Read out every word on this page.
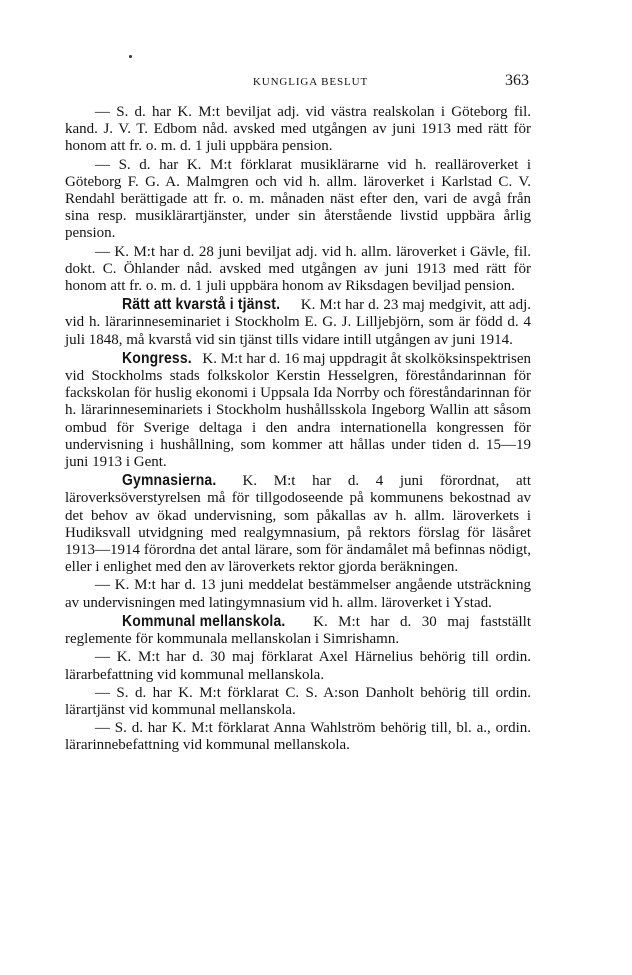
KUNGLIGA BESLUT	363

— S. d. har K. M:t beviljat adj. vid västra realskolan i Göteborg fil. kand. J. V. T. Edbom nåd. avsked med utgången av juni 1913 med rätt för honom att fr. o. m. d. 1 juli uppbära pension.

— S. d. har K. M:t förklarat musiklärarne vid h. realläroverket i Göteborg F. G. A. Malmgren och vid h. allm. läroverket i Karlstad C. V. Rendahl berättigade att fr. o. m. månaden näst efter den, vari de avgå från sina resp. musiklärartjänster, under sin återstående livstid uppbära årlig pension.

— K. M:t har d. 28 juni beviljat adj. vid h. allm. läroverket i Gävle, fil. dokt. C. Öhlander nåd. avsked med utgången av juni 1913 med rätt för honom att fr. o. m. d. 1 juli uppbära honom av Riksdagen beviljad pension.

Rätt att kvarstå i tjänst. K. M:t har d. 23 maj medgivit, att adj. vid h. lärarinneseminariet i Stockholm E. G. J. Lilljebjörn, som är född d. 4 juli 1848, må kvarstå vid sin tjänst tills vidare intill utgången av juni 1914.

Kongress. K. M:t har d. 16 maj uppdragit åt skolköksinspektrisen vid Stockholms stads folkskolor Kerstin Hesselgren, föreståndarinnan för fackskolan för huslig ekonomi i Uppsala Ida Norrby och föreståndarinnan för h. lärarinneseminariets i Stockholm hushållsskola Ingeborg Wallin att såsom ombud för Sverige deltaga i den andra internationella kongressen för undervisning i hushållning, som kommer att hållas under tiden d. 15—19 juni 1913 i Gent.

Gymnasierna. K. M:t har d. 4 juni förordnat, att läroverksöverstyrelsen må för tillgodoseende på kommunens bekostnad av det behov av ökad undervisning, som påkallas av h. allm. läroverkets i Hudiksvall utvidgning med realgymnasium, på rektors förslag för läsåret 1913—1914 förordna det antal lärare, som för ändamålet må befinnas nödigt, eller i enlighet med den av läroverkets rektor gjorda beräkningen.

— K. M:t har d. 13 juni meddelat bestämmelser angående utsträckning av undervisningen med latingymnasium vid h. allm. läroverket i Ystad.

Kommunal mellanskola. K. M:t har d. 30 maj fastställt reglemente för kommunala mellanskolan i Simrishamn.

— K. M:t har d. 30 maj förklarat Axel Härnelius behörig till ordin. lärarbefattning vid kommunal mellanskola.

— S. d. har K. M:t förklarat C. S. A:son Danholt behörig till ordin. lärartjänst vid kommunal mellanskola.

— S. d. har K. M:t förklarat Anna Wahlström behörig till, bl. a., ordin. lärarinnebefattning vid kommunal mellanskola.
